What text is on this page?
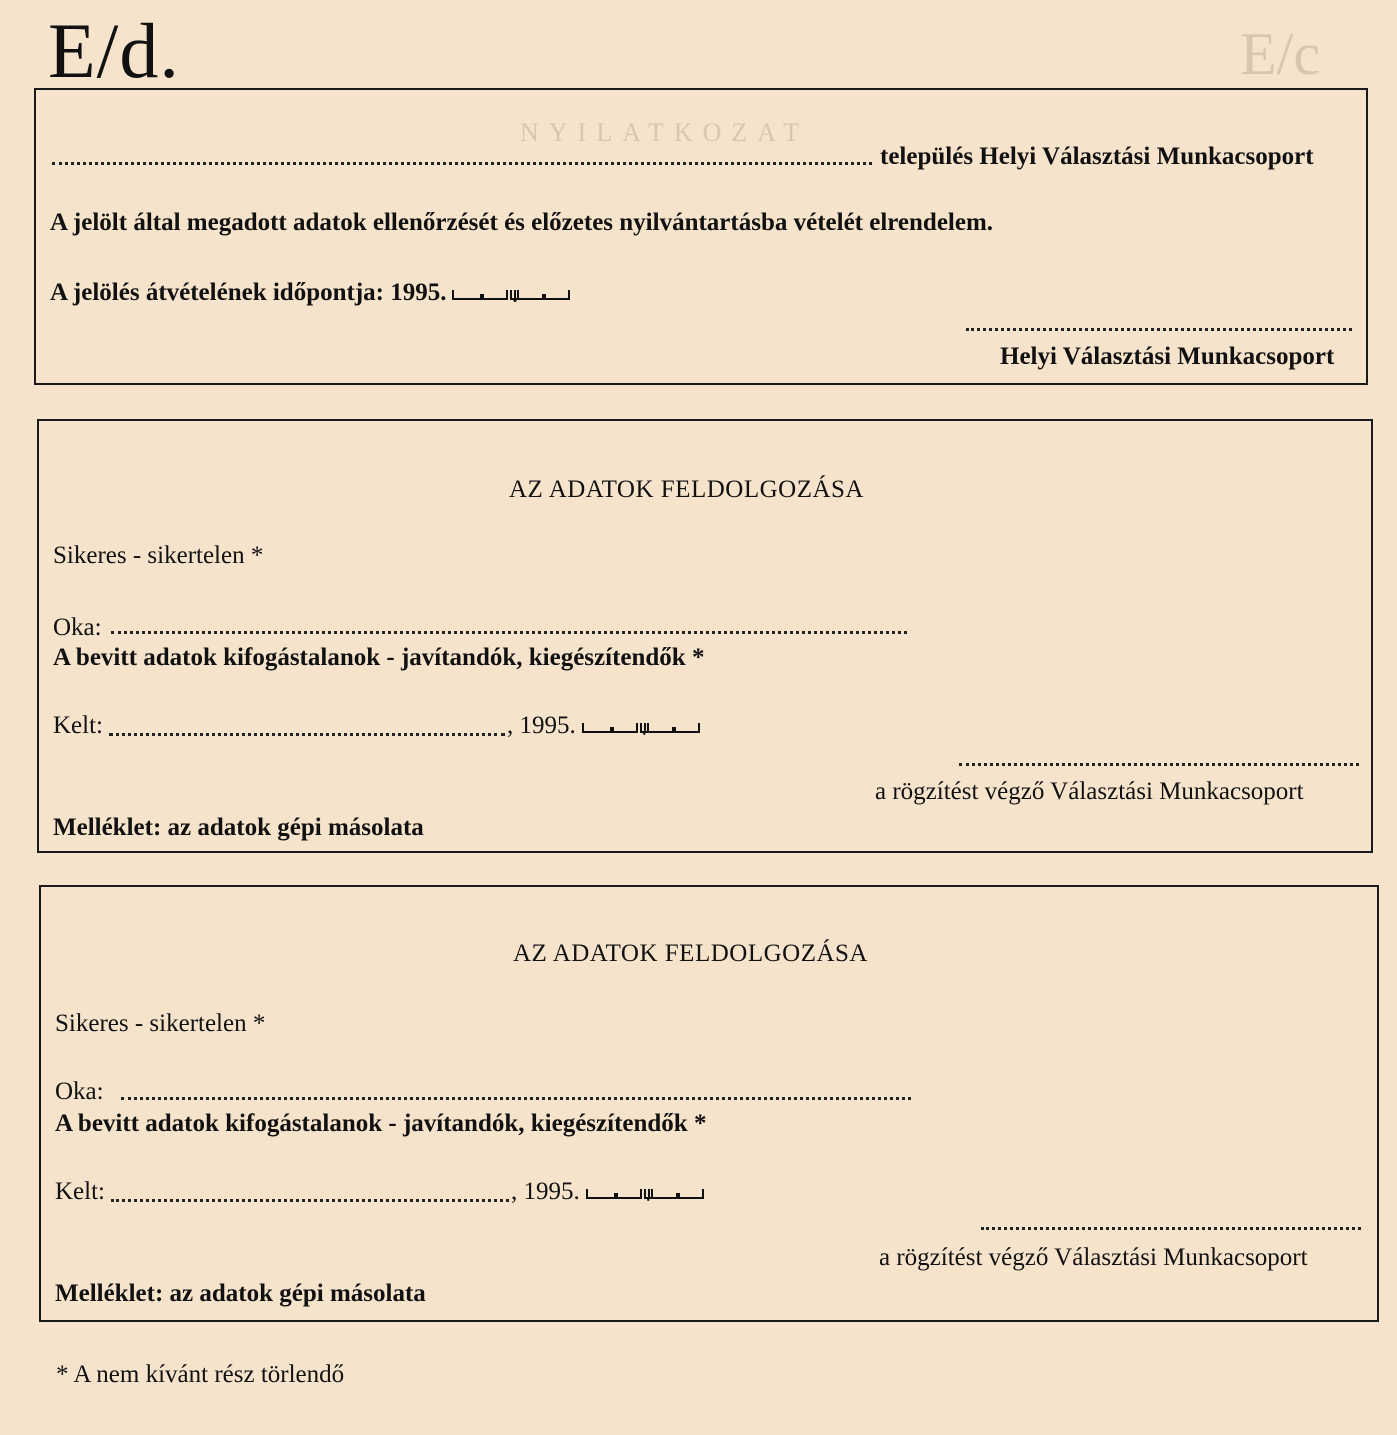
E/d.
NYILATKOZAT
E/c
település Helyi Választási Munkacsoport
A jelölt által megadott adatok ellenőrzését és előzetes nyilvántartásba vételét elrendelem.
A jelölés átvételének időpontja: 1995.	.
Helyi Választási Munkacsoport
AZ ADATOK FELDOLGOZÁSA
Sikeres - sikertelen *
Oka:
A bevitt adatok kifogástalanok - javítandók, kiegészítendők *
Kelt:	, 1995.	.
a rögzítést végző Választási Munkacsoport
Melléklet: az adatok gépi másolata
AZ ADATOK FELDOLGOZÁSA
Sikeres - sikertelen *
Oka:
A bevitt adatok kifogástalanok - javítandók, kiegészítendők *
Kelt:	, 1995.	.
a rögzítést végző Választási Munkacsoport
Melléklet: az adatok gépi másolata
* A nem kívánt rész törlendő
